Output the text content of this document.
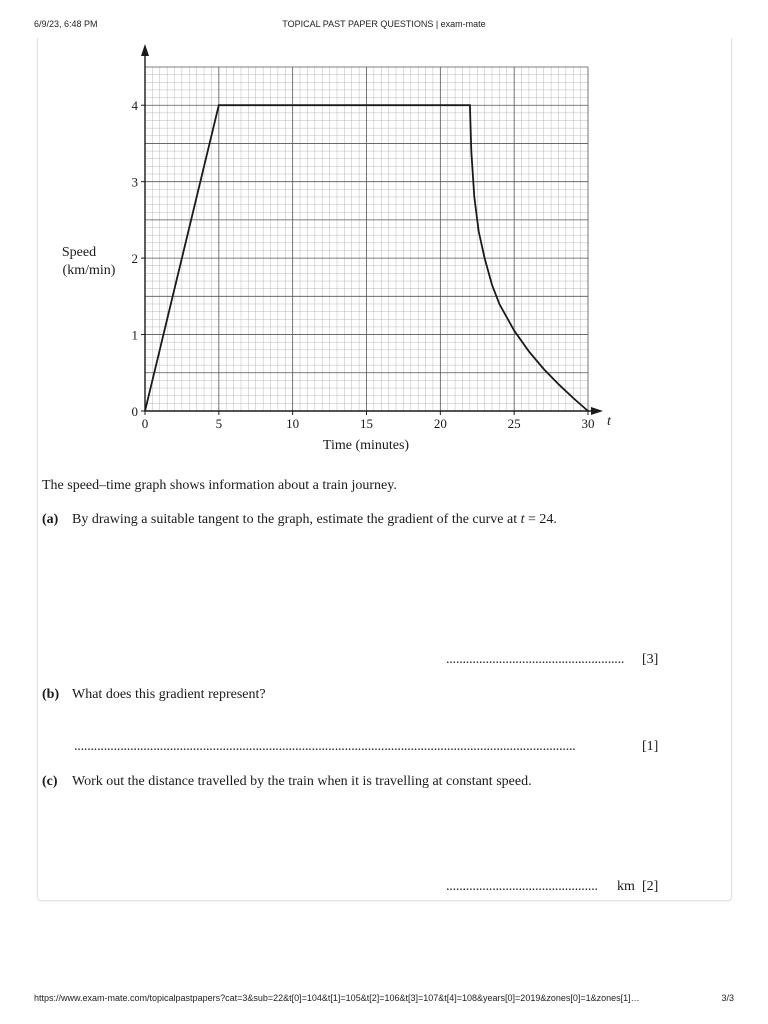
6/9/23, 6:48 PM	TOPICAL PAST PAPER QUESTIONS | exam-mate
0	5	10	15	20	25	30
0
1
2
3
4
Speed
(km/min)
Time (minutes)
t
The speed–time graph shows information about a train journey.
(a) By drawing a suitable tangent to the graph, estimate the gradient of the curve at t = 24.
...................................................... [3]
(b) What does this gradient represent?
........................................................................................................................................................	[1]
(c) Work out the distance travelled by the train when it is travelling at constant speed.
.............................................. km [2]
https://www.exam-mate.com/topicalpastpapers?cat=3&sub=22&t[0]=104&t[1]=105&t[2]=106&t[3]=107&t[4]=108&years[0]=2019&zones[0]=1&zones[1]…	3/3
